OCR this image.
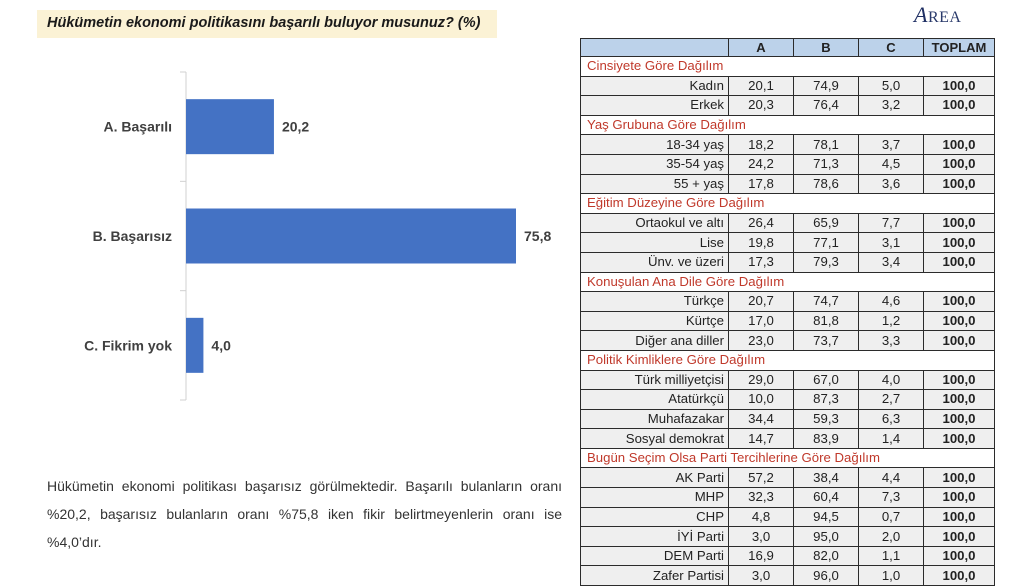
Hükümetin ekonomi politikasını başarılı buluyor musunuz? (%)	AREA
A. Başarılı	20,2
B. Başarısız	75,8
C. Fikrim yok	4,0
Hükümetin ekonomi politikası başarısız görülmektedir. Başarılı bulanların oranı %20,2, başarısız bulanların oranı %75,8 iken fikir belirtmeyenlerin oranı ise %4,0’dır.
	A	B	C	TOPLAM
Cinsiyete Göre Dağılım				
Kadın	20,1	74,9	5,0	100,0
Erkek	20,3	76,4	3,2	100,0
Yaş Grubuna Göre Dağılım				
18-34 yaş	18,2	78,1	3,7	100,0
35-54 yaş	24,2	71,3	4,5	100,0
55 + yaş	17,8	78,6	3,6	100,0
Eğitim Düzeyine Göre Dağılım				
Ortaokul ve altı	26,4	65,9	7,7	100,0
Lise	19,8	77,1	3,1	100,0
Ünv. ve üzeri	17,3	79,3	3,4	100,0
Konuşulan Ana Dile Göre Dağılım				
Türkçe	20,7	74,7	4,6	100,0
Kürtçe	17,0	81,8	1,2	100,0
Diğer ana diller	23,0	73,7	3,3	100,0
Politik Kimliklere Göre Dağılım				
Türk milliyetçisi	29,0	67,0	4,0	100,0
Atatürkçü	10,0	87,3	2,7	100,0
Muhafazakar	34,4	59,3	6,3	100,0
Sosyal demokrat	14,7	83,9	1,4	100,0
Bugün Seçim Olsa Parti Tercihlerine Göre Dağılım				
AK Parti	57,2	38,4	4,4	100,0
MHP	32,3	60,4	7,3	100,0
CHP	4,8	94,5	0,7	100,0
İYİ Parti	3,0	95,0	2,0	100,0
DEM Parti	16,9	82,0	1,1	100,0
Zafer Partisi	3,0	96,0	1,0	100,0
